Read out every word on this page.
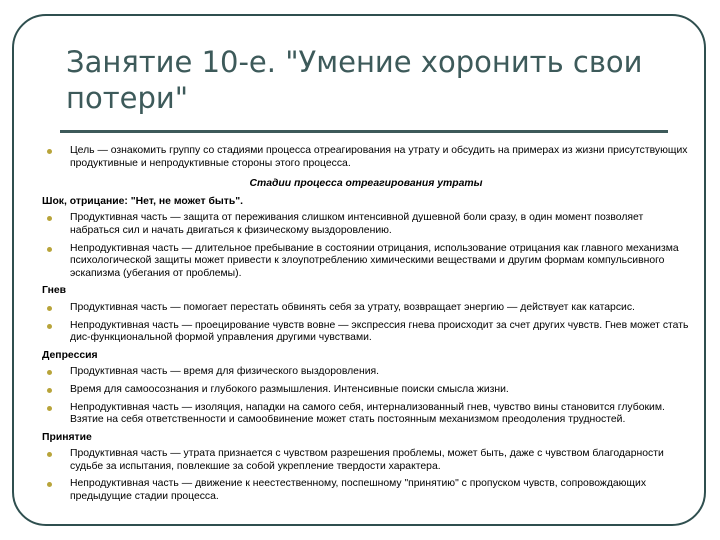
Занятие 10-е. "Умение хоронить свои потери"

Цель — ознакомить группу со стадиями процесса отреагирования на утрату и обсудить на примерах из жизни присутствующих продуктивные и непродуктивные стороны этого процесса.

Стадии процесса отреагирования утраты

Шок, отрицание: "Нет, не может быть".

Продуктивная часть — защита от переживания слишком интенсивной душевной боли сразу, в один момент позволяет набраться сил и начать двигаться к физическому выздоровлению.

Непродуктивная часть — длительное пребывание в состоянии отрицания, использование отрицания как главного механизма психологической защиты может привести к злоупотреблению химическими веществами и другим формам компульсивного эскапизма (убегания от проблемы).

Гнев

Продуктивная часть — помогает перестать обвинять себя за утрату, возвращает энергию — действует как катарсис.

Непродуктивная часть — проецирование чувств вовне — экспрессия гнева происходит за счет других чувств. Гнев может стать дис-функциональной формой управления другими чувствами.

Депрессия

Продуктивная часть — время для физического выздоровления.

Время для самоосознания и глубокого размышления. Интенсивные поиски смысла жизни.

Непродуктивная часть — изоляция, нападки на самого себя, интернализованный гнев, чувство вины становится глубоким. Взятие на себя ответственности и самообвинение может стать постоянным механизмом преодоления трудностей.

Принятие

Продуктивная часть — утрата признается с чувством разрешения проблемы, может быть, даже с чувством благодарности судьбе за испытания, повлекшие за собой укрепление твердости характера.

Непродуктивная часть — движение к неестественному, поспешному "принятию" с пропуском чувств, сопровождающих предыдущие стадии процесса.
